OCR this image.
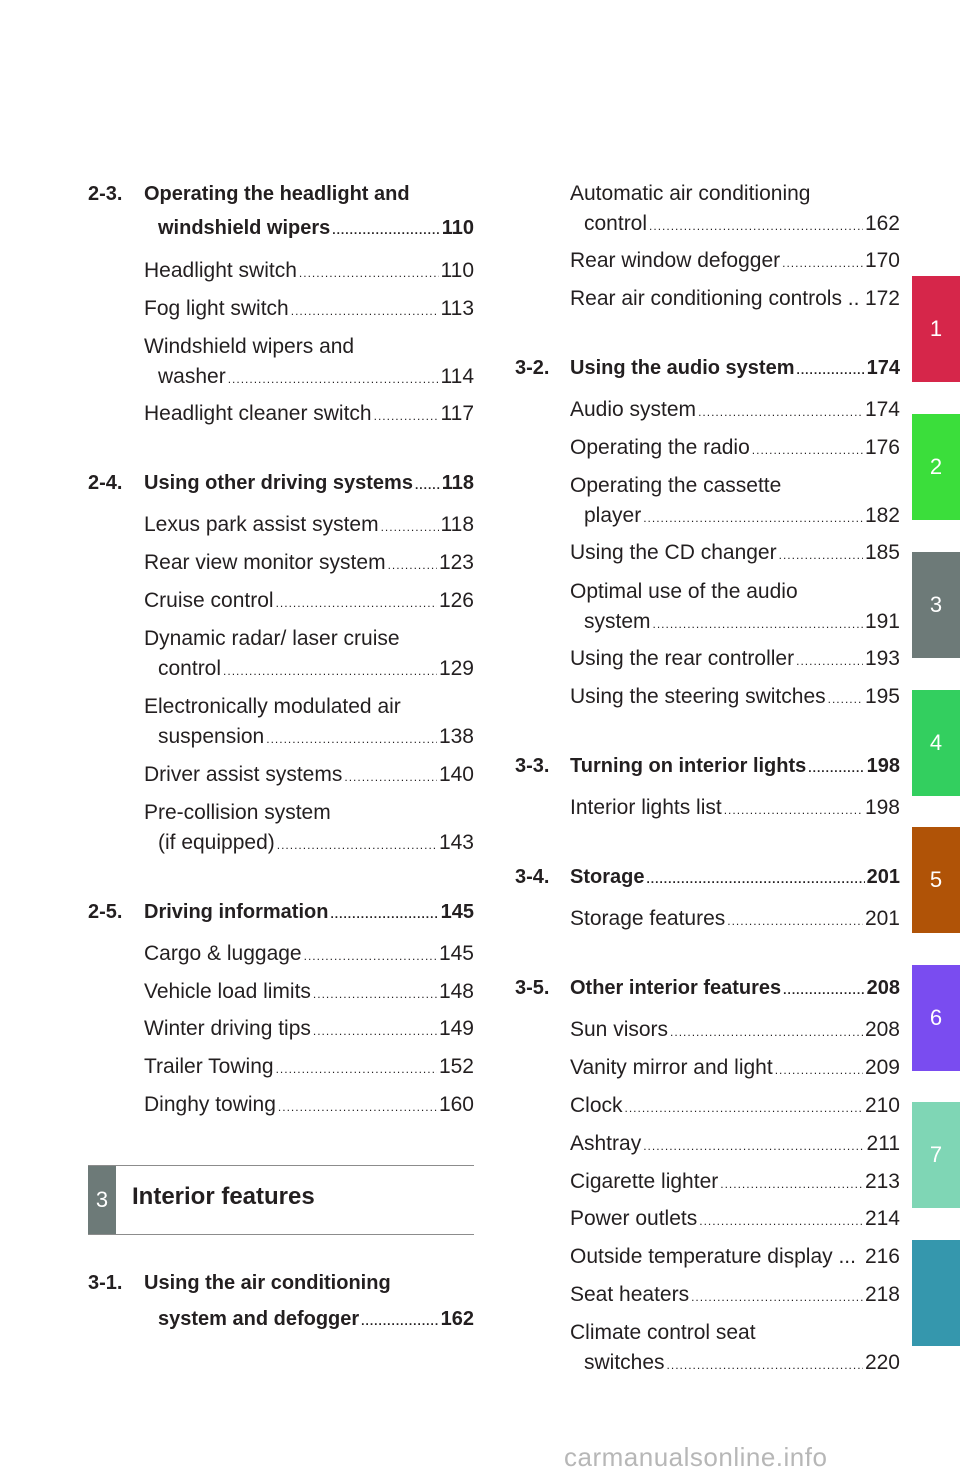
2-3. Operating the headlight and
windshield wipers .....	110
Headlight switch .....	110
Fog light switch .....	113
Windshield wipers and
washer .....	114
Headlight cleaner switch .....	117
2-4.	Using other driving systems ..... 118
Lexus park assist system .....	118
Rear view monitor system .....	123
Cruise control .....	126
Dynamic radar/ laser cruise
control .....	129
Electronically modulated air
suspension .....	138
Driver assist systems .....	140
Pre-collision system
(if equipped) .....	143
2-5.	Driving information .....	145
Cargo & luggage .....	145
Vehicle load limits .....	148
Winter driving tips .....	149
Trailer Towing .....	152
Dinghy towing .....	160
3-1. Using the air conditioning
system and defogger .....	162
3 Interior features
Automatic air conditioning
control .....	162
Rear window defogger .....	170
Rear air conditioning controls .. 172
3-2.	Using the audio system .....	174
Audio system .....	174
Operating the radio .....	176
Operating the cassette
player .....	182
Using the CD changer .....	185
Optimal use of the audio
system .....	191
Using the rear controller .....	193
Using the steering switches ..... 195
3-3.	Turning on interior lights .....	198
Interior lights list .....	198
3-4.	Storage .....	201
Storage features .....	201
3-5.	Other interior features .....	208
Sun visors .....	208
Vanity mirror and light .....	209
Clock .....	210
Ashtray .....	211
Cigarette lighter .....	213
Power outlets .....	214
Outside temperature display ... 216
Seat heaters .....	218
Climate control seat
switches .....	220
1
2
3
4
5
6
7
carmanualsonline.info
